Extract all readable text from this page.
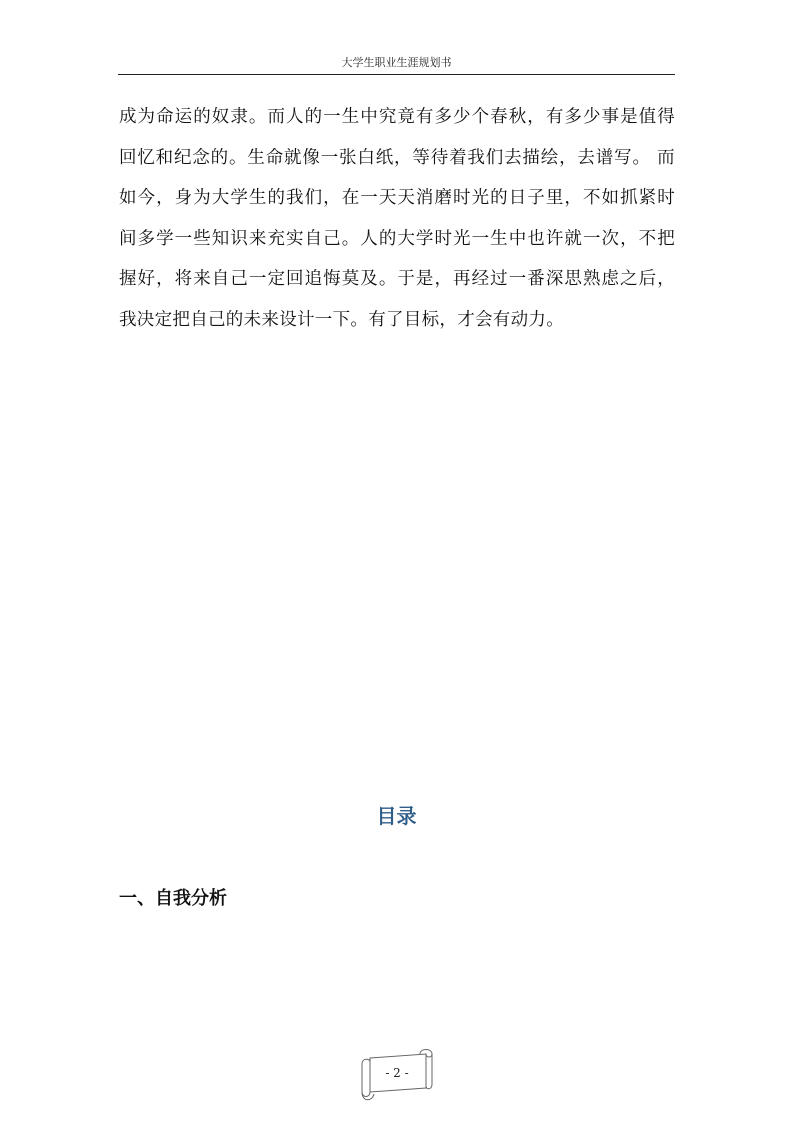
大学生职业生涯规划书
成为命运的奴隶。而人的一生中究竟有多少个春秋，有多少事是值得
回忆和纪念的。生命就像一张白纸，等待着我们去描绘，去谱写。 而
如今，身为大学生的我们，在一天天消磨时光的日子里，不如抓紧时
间多学一些知识来充实自己。人的大学时光一生中也许就一次，不把
握好，将来自己一定回追悔莫及。于是，再经过一番深思熟虑之后，
我决定把自己的未来设计一下。有了目标，才会有动力。
目录
一、自我分析
- 2 -
